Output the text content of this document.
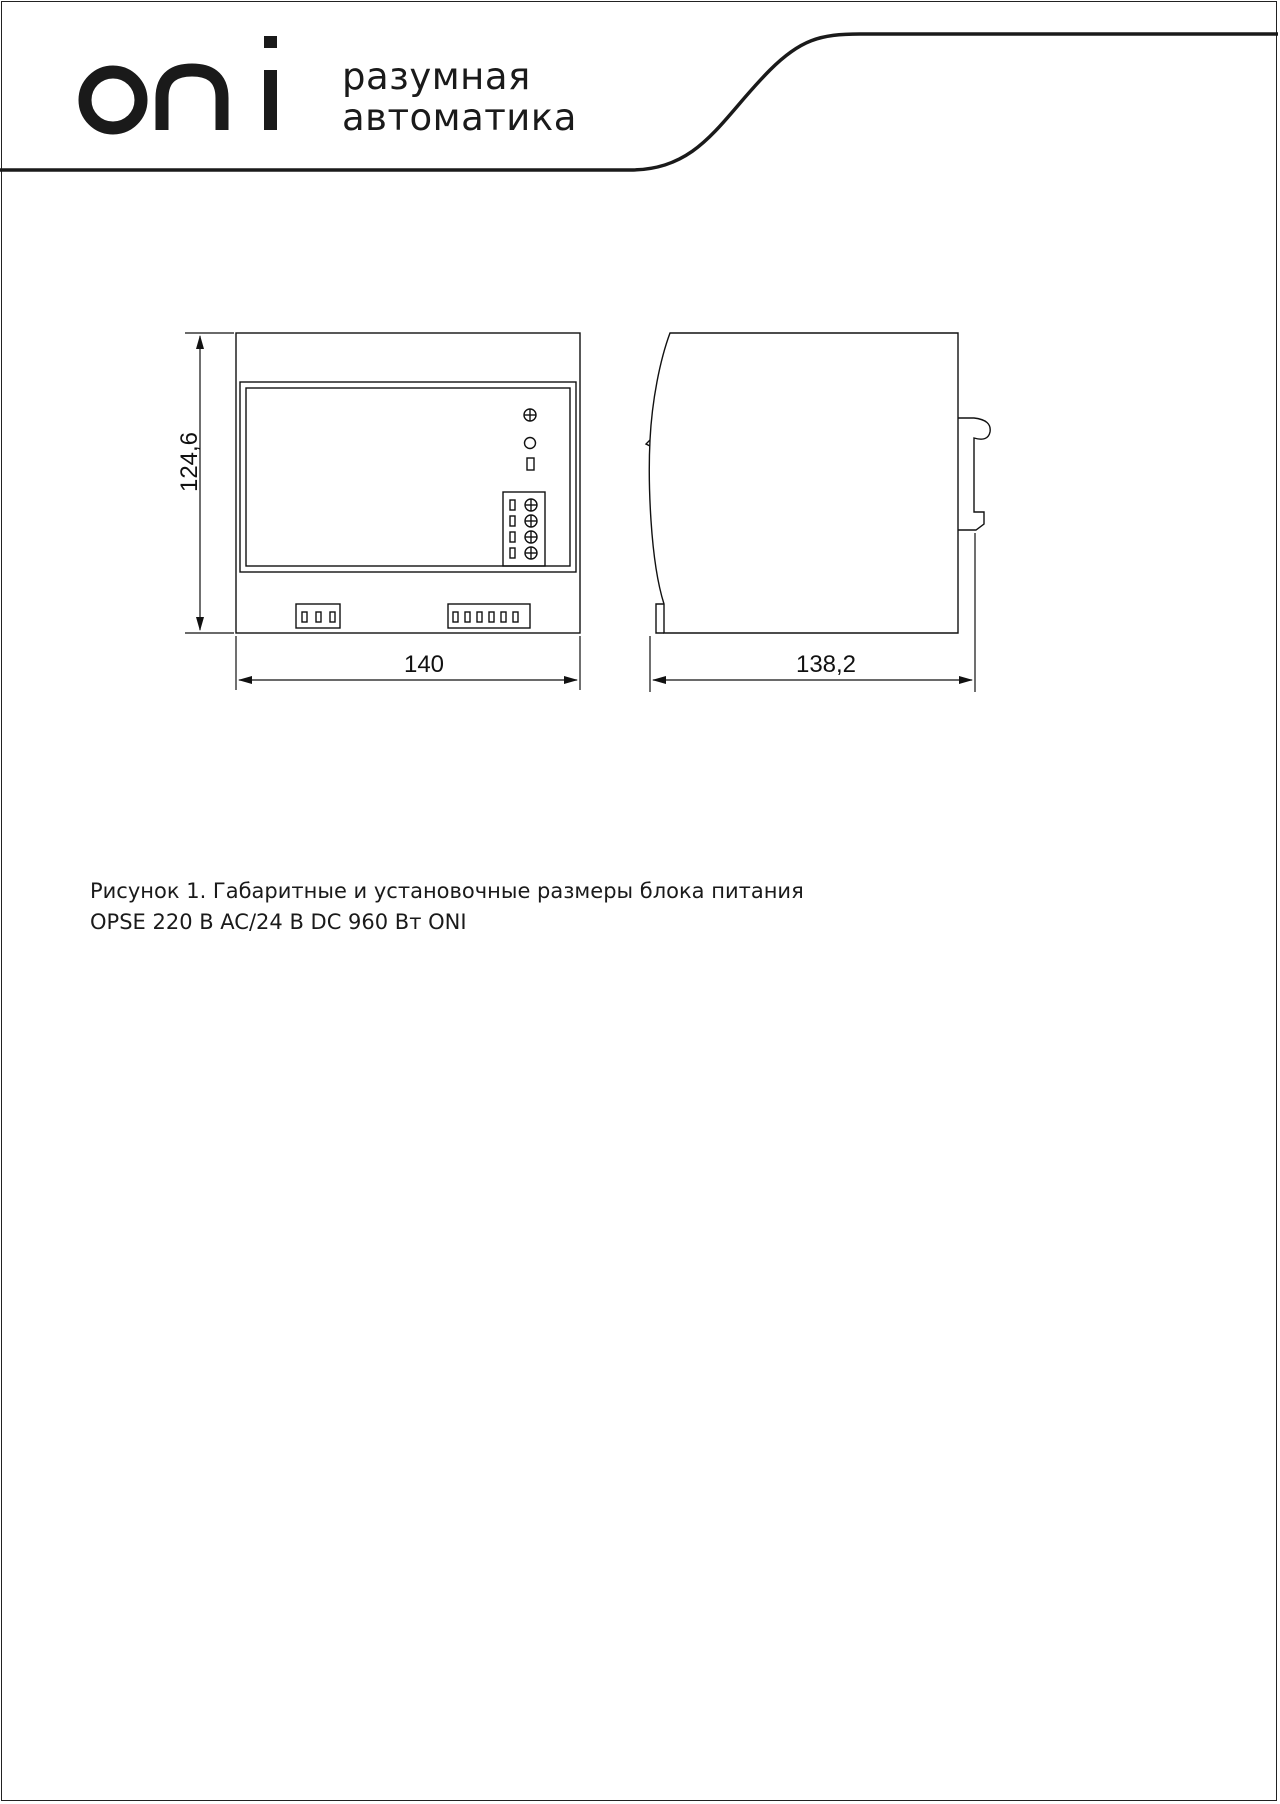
разумная
автоматика
124,6
140	138,2
Рисунок 1. Габаритные и установочные размеры блока питания
OPSE 220 В AC/24 В DC 960 Вт ONI
